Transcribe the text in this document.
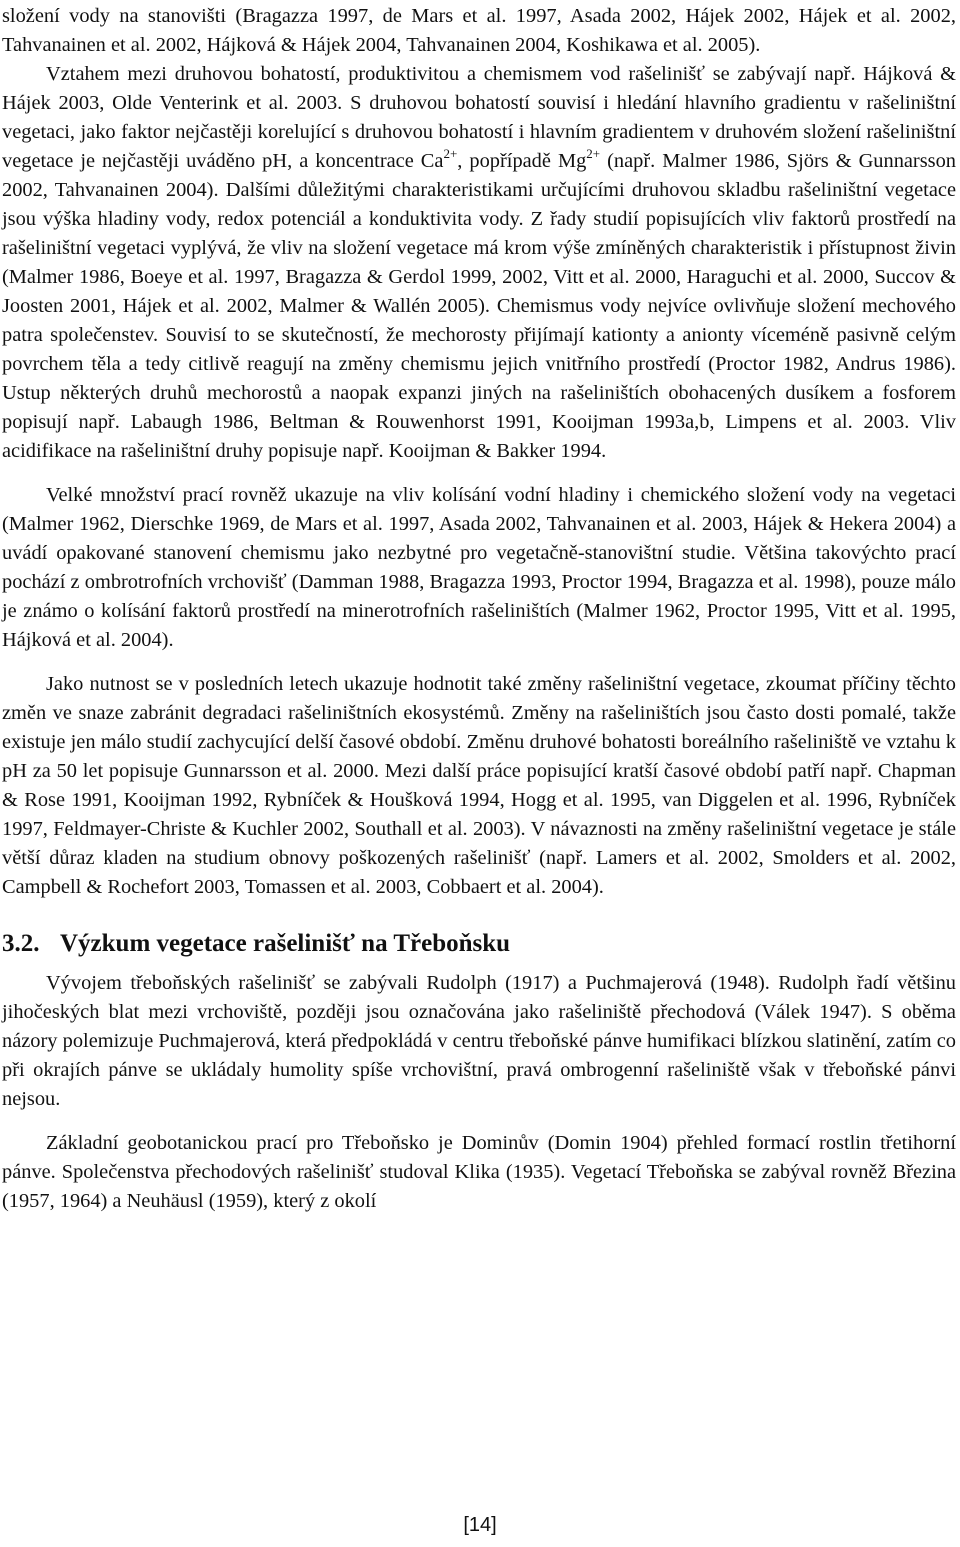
složení vody na stanovišti (Bragazza 1997, de Mars et al. 1997, Asada 2002, Hájek 2002, Hájek et al. 2002, Tahvanainen et al. 2002, Hájková & Hájek 2004, Tahvanainen 2004, Koshikawa et al. 2005).

Vztahem mezi druhovou bohatostí, produktivitou a chemismem vod rašelinišť se zabývají např. Hájková & Hájek 2003, Olde Venterink et al. 2003. S druhovou bohatostí souvisí i hledání hlavního gradientu v rašeliništní vegetaci, jako faktor nejčastěji korelující s druhovou bohatostí i hlavním gradientem v druhovém složení rašeliništní vegetace je nejčastěji uváděno pH, a koncentrace $Ca^{2+}$, popřípadě $Mg^{2+}$ (např. Malmer 1986, Sjörs & Gunnarsson 2002, Tahvanainen 2004). Dalšími důležitými charakteristikami určujícími druhovou skladbu rašeliništní vegetace jsou výška hladiny vody, redox potenciál a konduktivita vody. Z řady studií popisujících vliv faktorů prostředí na rašeliništní vegetaci vyplývá, že vliv na složení vegetace má krom výše zmíněných charakteristik i přístupnost živin (Malmer 1986, Boeye et al. 1997, Bragazza & Gerdol 1999, 2002, Vitt et al. 2000, Haraguchi et al. 2000, Succov & Joosten 2001, Hájek et al. 2002, Malmer & Wallén 2005). Chemismus vody nejvíce ovlivňuje složení mechového patra společenstev. Souvisí to se skutečností, že mechorosty přijímají kationty a anionty víceméně pasivně celým povrchem těla a tedy citlivě reagují na změny chemismu jejich vnitřního prostředí (Proctor 1982, Andrus 1986). Ustup některých druhů mechorostů a naopak expanzi jiných na rašeliništích obohacených dusíkem a fosforem popisují např. Labaugh 1986, Beltman & Rouwenhorst 1991, Kooijman 1993a,b, Limpens et al. 2003. Vliv acidifikace na rašeliništní druhy popisuje např. Kooijman & Bakker 1994.

Velké množství prací rovněž ukazuje na vliv kolísání vodní hladiny i chemického složení vody na vegetaci (Malmer 1962, Dierschke 1969, de Mars et al. 1997, Asada 2002, Tahvanainen et al. 2003, Hájek & Hekera 2004) a uvádí opakované stanovení chemismu jako nezbytné pro vegetačně-stanovištní studie. Většina takovýchto prací pochází z ombrotrofních vrchovišť (Damman 1988, Bragazza 1993, Proctor 1994, Bragazza et al. 1998), pouze málo je známo o kolísání faktorů prostředí na minerotrofních rašeliništích (Malmer 1962, Proctor 1995, Vitt et al. 1995, Hájková et al. 2004).

Jako nutnost se v posledních letech ukazuje hodnotit také změny rašeliništní vegetace, zkoumat příčiny těchto změn ve snaze zabránit degradaci rašeliništních ekosystémů. Změny na rašeliništích jsou často dosti pomalé, takže existuje jen málo studií zachycující delší časové období. Změnu druhové bohatosti boreálního rašeliniště ve vztahu k pH za 50 let popisuje Gunnarsson et al. 2000. Mezi další práce popisující kratší časové období patří např. Chapman & Rose 1991, Kooijman 1992, Rybníček & Houšková 1994, Hogg et al. 1995, van Diggelen et al. 1996, Rybníček 1997, Feldmayer-Christe & Kuchler 2002, Southall et al. 2003). V návaznosti na změny rašeliništní vegetace je stále větší důraz kladen na studium obnovy poškozených rašelinišť (např. Lamers et al. 2002, Smolders et al. 2002, Campbell & Rochefort 2003, Tomassen et al. 2003, Cobbaert et al. 2004).

3.2. Výzkum vegetace rašelinišť na Třeboňsku

Vývojem třeboňských rašelinišť se zabývali Rudolph (1917) a Puchmajerová (1948). Rudolph řadí většinu jihočeských blat mezi vrchoviště, později jsou označována jako rašeliniště přechodová (Válek 1947). S oběma názory polemizuje Puchmajerová, která předpokládá v centru třeboňské pánve humifikaci blízkou slatinění, zatím co při okrajích pánve se ukládaly humolity spíše vrchovištní, pravá ombrogenní rašeliniště však v třeboňské pánvi nejsou.

Základní geobotanickou prací pro Třeboňsko je Dominův (Domin 1904) přehled formací rostlin třetihorní pánve. Společenstva přechodových rašelinišť studoval Klika (1935). Vegetací Třeboňska se zabýval rovněž Březina (1957, 1964) a Neuhäusl (1959), který z okolí

[14]
